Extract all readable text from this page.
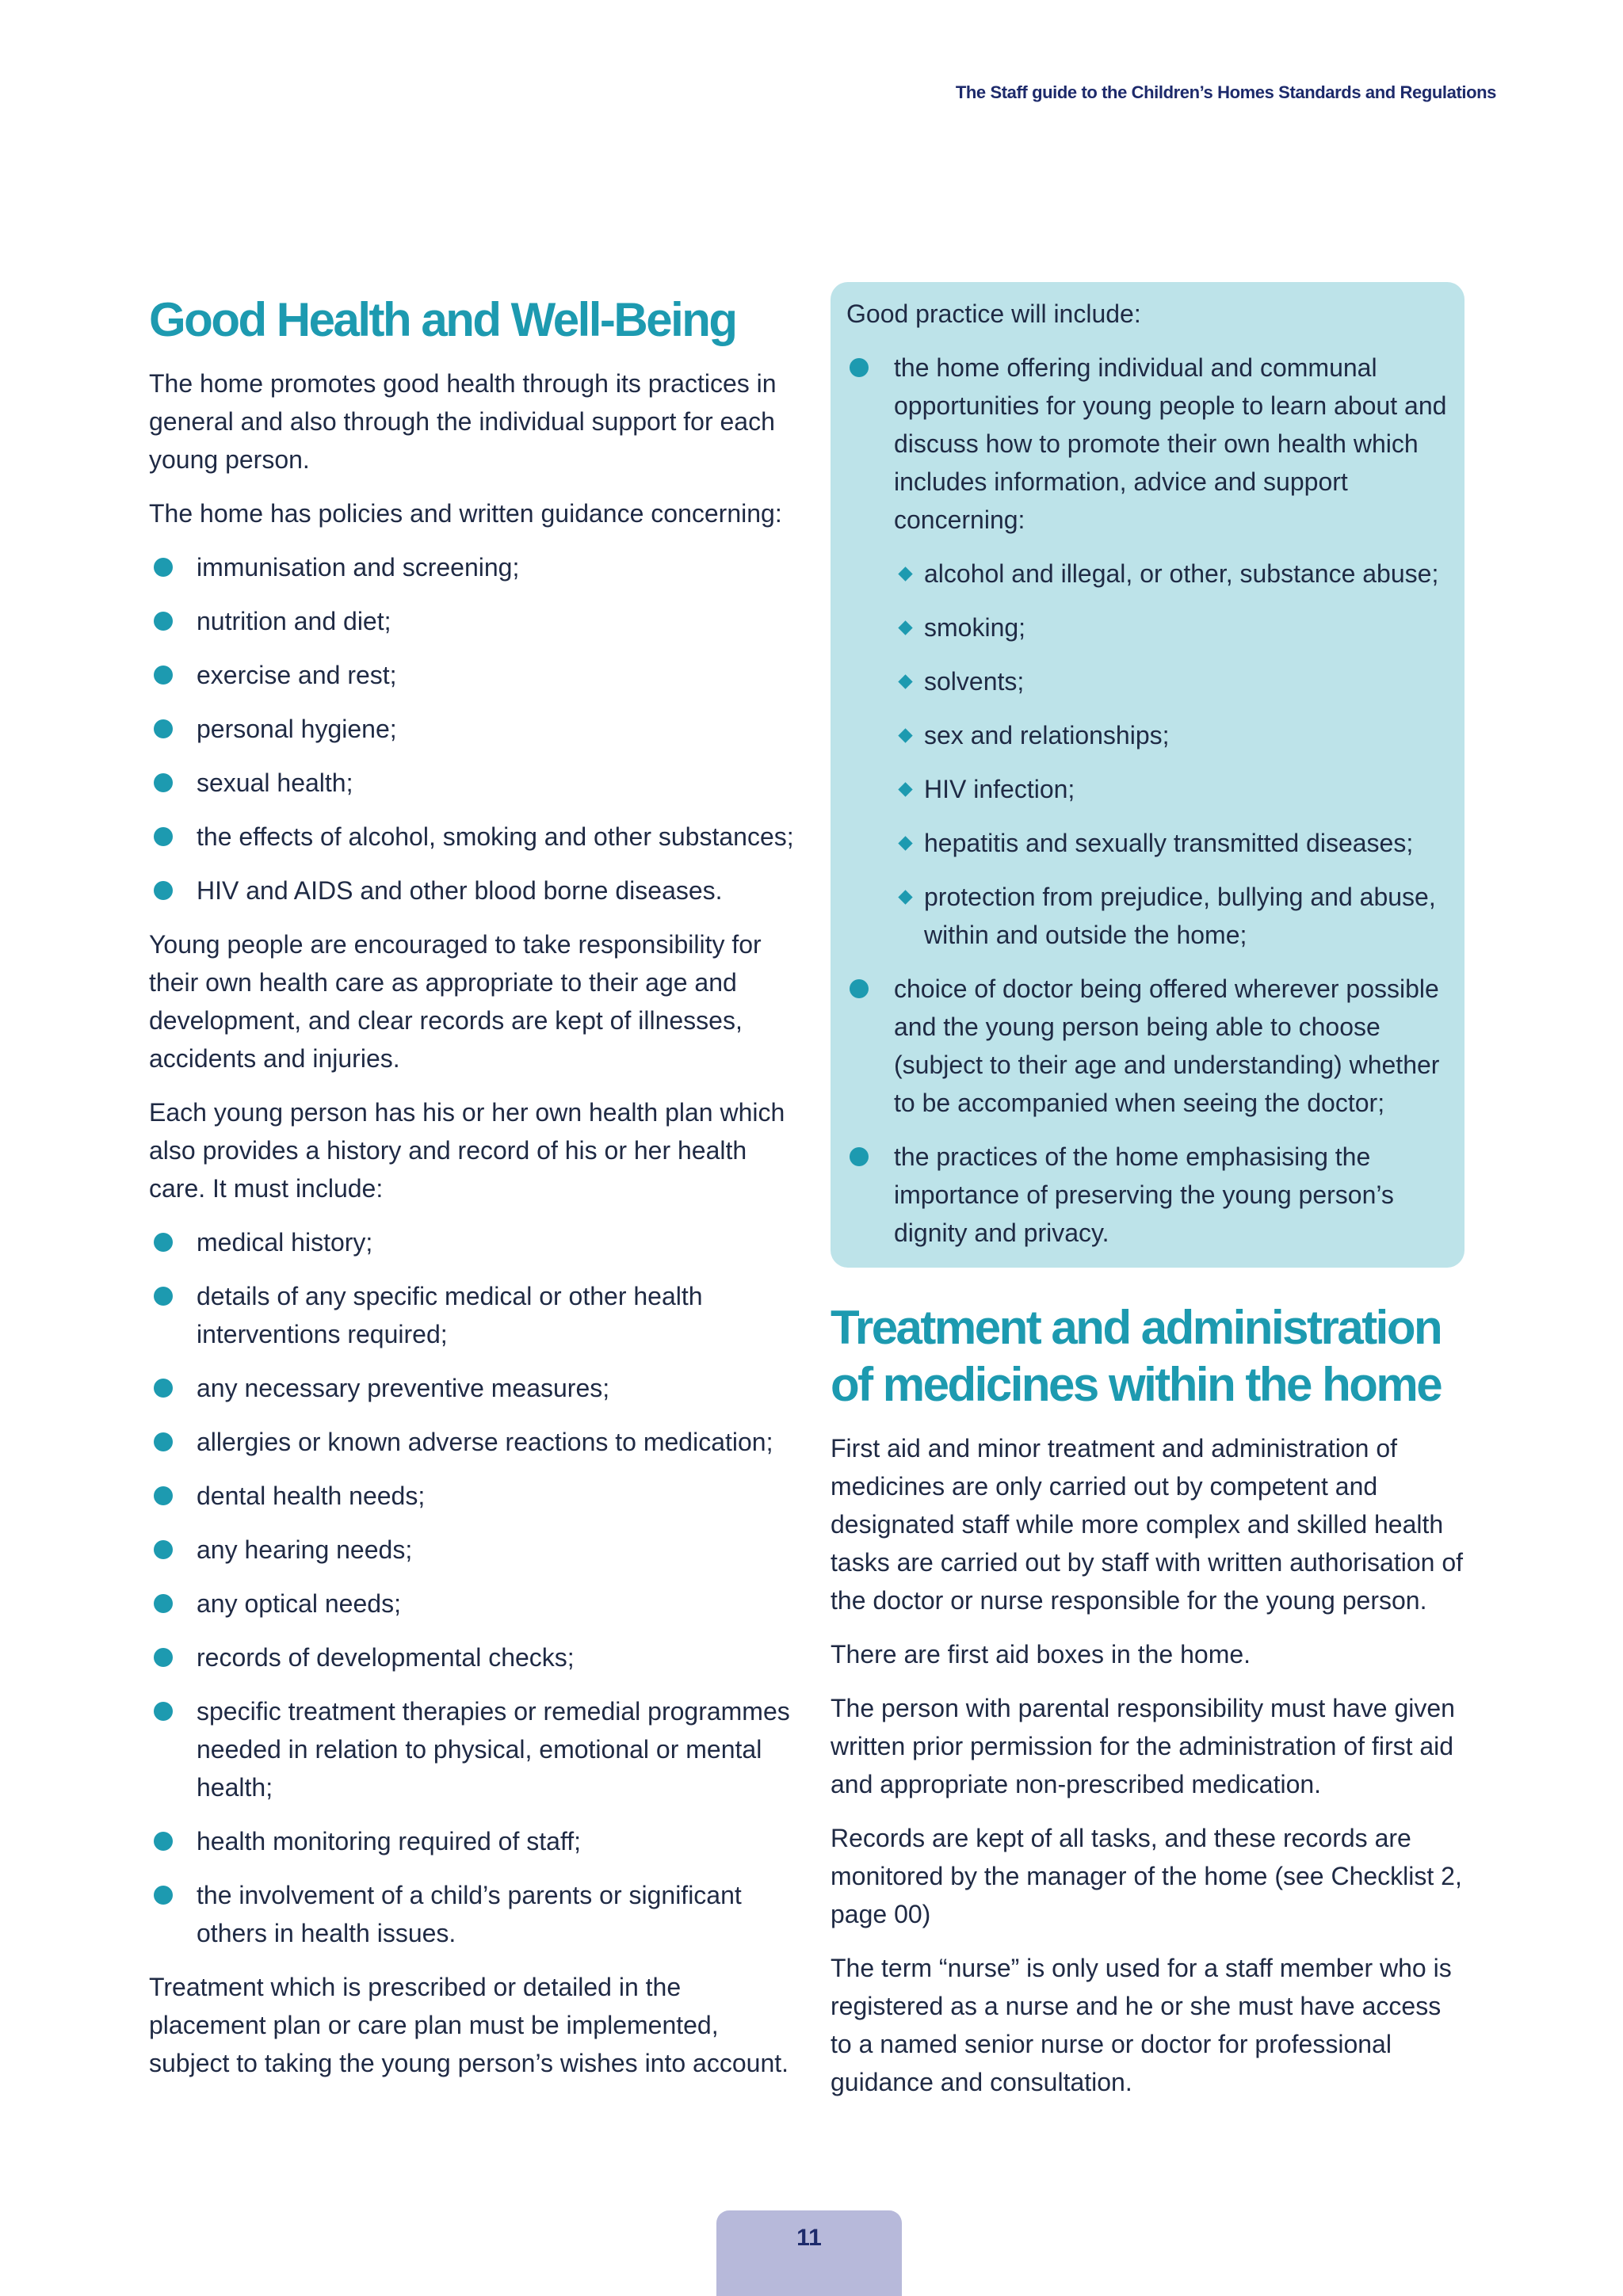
The Staff guide to the Children’s Homes Standards and Regulations
Good Health and Well-Being

The home promotes good health through its practices in general and also through the individual support for each young person.

The home has policies and written guidance concerning:

immunisation and screening;
nutrition and diet;
exercise and rest;
personal hygiene;
sexual health;
the effects of alcohol, smoking and other substances;
HIV and AIDS and other blood borne diseases.

Young people are encouraged to take responsibility for their own health care as appropriate to their age and development, and clear records are kept of illnesses, accidents and injuries.

Each young person has his or her own health plan which also provides a history and record of his or her health care. It must include:

medical history;
details of any specific medical or other health interventions required;
any necessary preventive measures;
allergies or known adverse reactions to medication;
dental health needs;
any hearing needs;
any optical needs;
records of developmental checks;
specific treatment therapies or remedial programmes needed in relation to physical, emotional or mental health;
health monitoring required of staff;
the involvement of a child’s parents or significant others in health issues.

Treatment which is prescribed or detailed in the placement plan or care plan must be implemented, subject to taking the young person’s wishes into account.

Good practice will include:
the home offering individual and communal opportunities for young people to learn about and discuss how to promote their own health which includes information, advice and support concerning:
alcohol and illegal, or other, substance abuse;
smoking;
solvents;
sex and relationships;
HIV infection;
hepatitis and sexually transmitted diseases;
protection from prejudice, bullying and abuse, within and outside the home;
choice of doctor being offered wherever possible and the young person being able to choose (subject to their age and understanding) whether to be accompanied when seeing the doctor;
the practices of the home emphasising the importance of preserving the young person’s dignity and privacy.
Treatment and administration of medicines within the home

First aid and minor treatment and administration of medicines are only carried out by competent and designated staff while more complex and skilled health tasks are carried out by staff with written authorisation of the doctor or nurse responsible for the young person.

There are first aid boxes in the home.

The person with parental responsibility must have given written prior permission for the administration of first aid and appropriate non-prescribed medication.

Records are kept of all tasks, and these records are monitored by the manager of the home (see Checklist 2, page 00)

The term “nurse” is only used for a staff member who is registered as a nurse and he or she must have access to a named senior nurse or doctor for professional guidance and consultation.

11
